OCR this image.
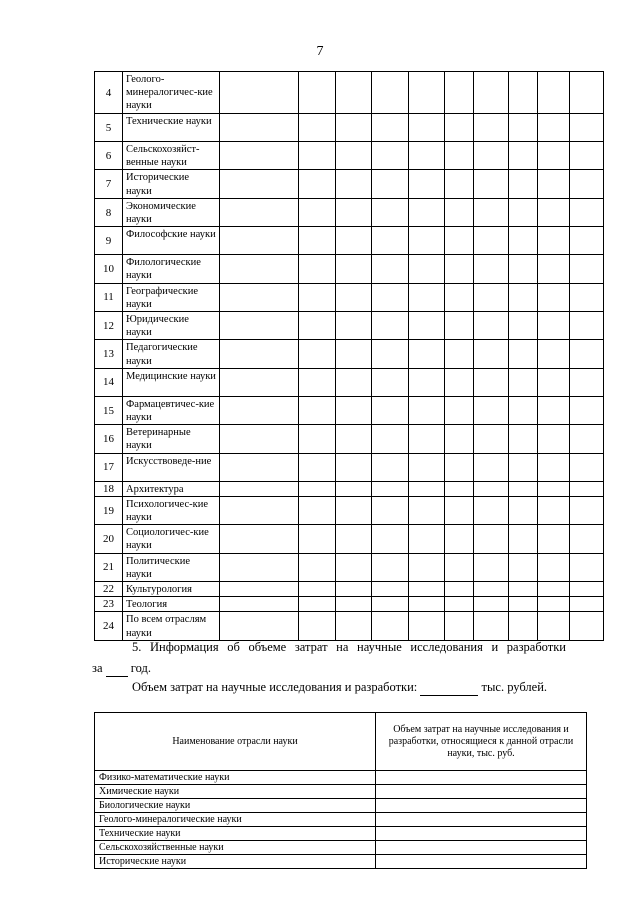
7
4	Геолого-минералогичес-кие науки										
5	Технические науки										
6	Сельскохозяйст-венные науки										
7	Исторические науки										
8	Экономические науки										
9	Философские науки										
10	Филологические науки										
11	Географические науки										
12	Юридические науки										
13	Педагогические науки										
14	Медицинские науки										
15	Фармацевтичес-кие науки										
16	Ветеринарные науки										
17	Искусствоведе-ние										
18	Архитектура										
19	Психологичес-кие науки										
20	Социологичес-кие науки										
21	Политические науки										
22	Культурология										
23	Теология										
24	По всем отраслям науки										
5. Информация об объеме затрат на научные исследования и разработки
за год.
Объем затрат на научные исследования и разработки:	тыс. рублей.
Наименование отрасли науки	Объем затрат на научные исследования и разработки, относящиеся к данной отрасли науки, тыс. руб.
Физико-математические науки	
Химические науки	
Биологические науки	
Геолого-минералогические науки	
Технические науки	
Сельскохозяйственные науки	
Исторические науки	
